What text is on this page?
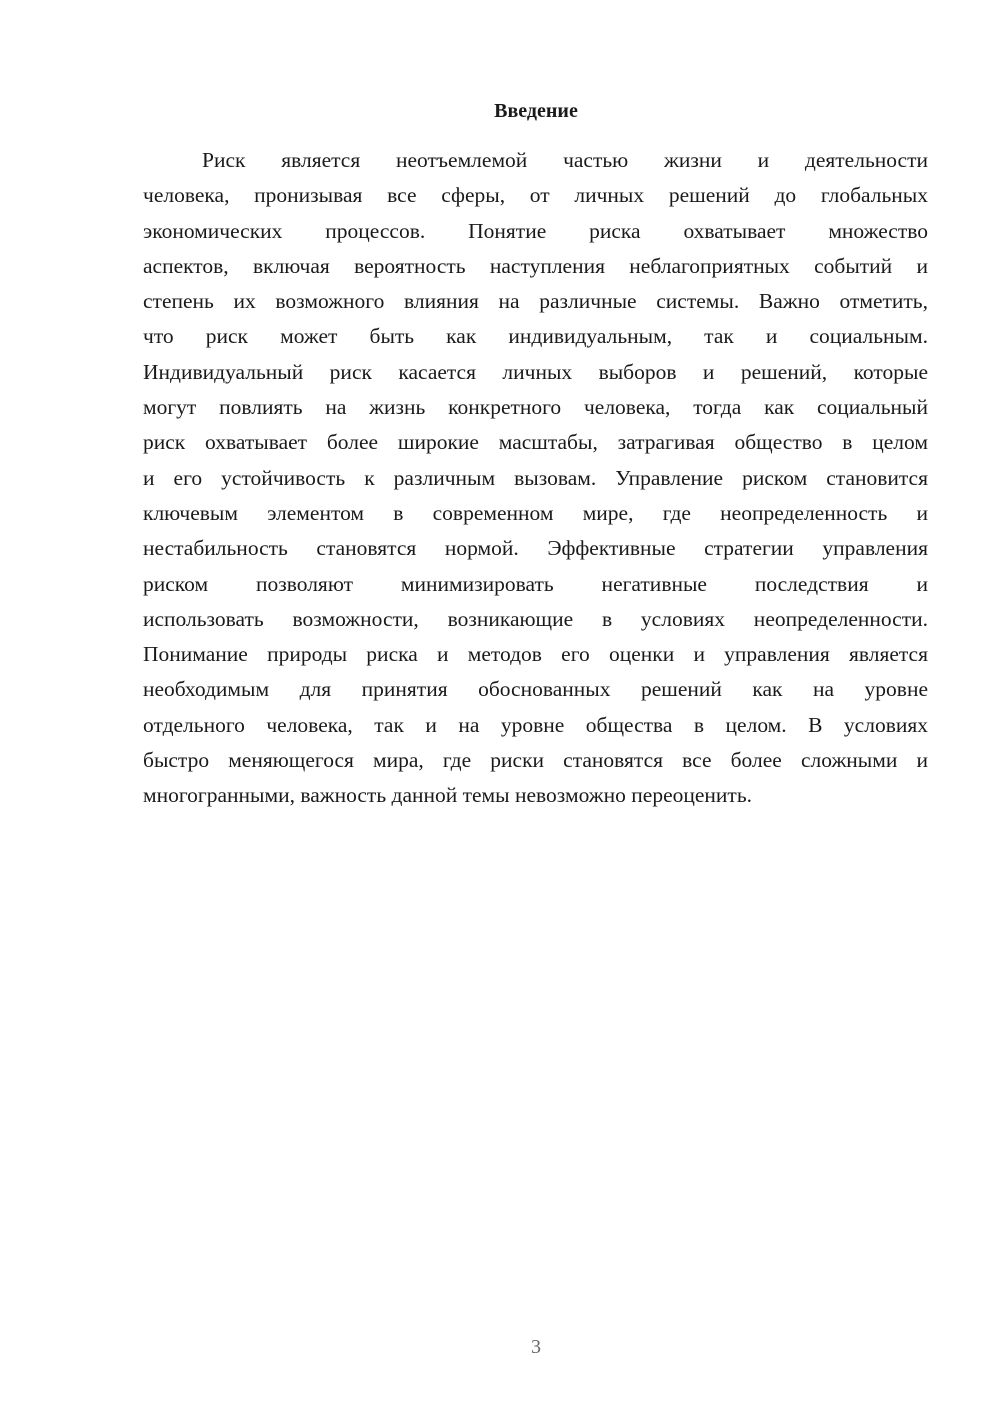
Введение
Риск является неотъемлемой частью жизни и деятельности
человека, пронизывая все сферы, от личных решений до глобальных
экономических процессов. Понятие риска охватывает множество
аспектов, включая вероятность наступления неблагоприятных событий и
степень их возможного влияния на различные системы. Важно отметить,
что риск может быть как индивидуальным, так и социальным.
Индивидуальный риск касается личных выборов и решений, которые
могут повлиять на жизнь конкретного человека, тогда как социальный
риск охватывает более широкие масштабы, затрагивая общество в целом
и его устойчивость к различным вызовам. Управление риском становится
ключевым элементом в современном мире, где неопределенность и
нестабильность становятся нормой. Эффективные стратегии управления
риском позволяют минимизировать негативные последствия и
использовать возможности, возникающие в условиях неопределенности.
Понимание природы риска и методов его оценки и управления является
необходимым для принятия обоснованных решений как на уровне
отдельного человека, так и на уровне общества в целом. В условиях
быстро меняющегося мира, где риски становятся все более сложными и
многогранными, важность данной темы невозможно переоценить.
3
